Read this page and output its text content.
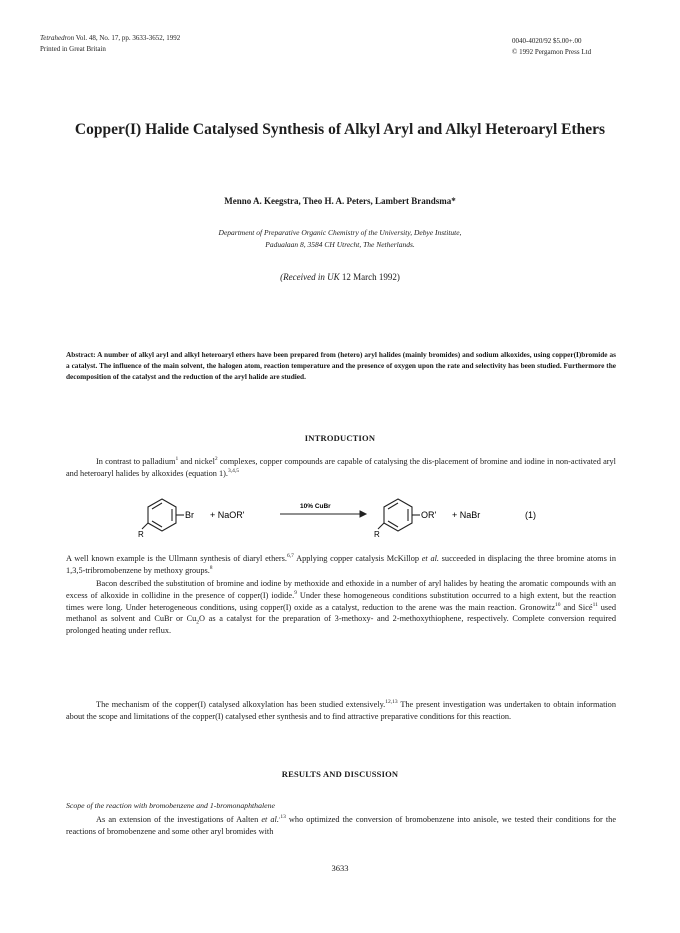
Tetrahedron Vol. 48, No. 17, pp. 3633-3652, 1992
Printed in Great Britain
0040-4020/92 $5.00+.00
© 1992 Pergamon Press Ltd
Copper(I) Halide Catalysed Synthesis of Alkyl Aryl and Alkyl Heteroaryl Ethers
Menno A. Keegstra, Theo H. A. Peters, Lambert Brandsma*
Department of Preparative Organic Chemistry of the University, Debye Institute,
Padualaan 8, 3584 CH Utrecht, The Netherlands.
(Received in UK 12 March 1992)
Abstract: A number of alkyl aryl and alkyl heteroaryl ethers have been prepared from (hetero) aryl halides (mainly bromides) and sodium alkoxides, using copper(I)bromide as a catalyst. The influence of the main solvent, the halogen atom, reaction temperature and the presence of oxygen upon the rate and selectivity has been studied. Furthermore the decomposition of the catalyst and the reduction of the aryl halide are studied.
INTRODUCTION
In contrast to palladium$^1$ and nickel$^2$ complexes, copper compounds are capable of catalysing the dis-placement of bromine and iodine in non-activated aryl and heteroaryl halides by alkoxides (equation 1).$^{3,4,5}$
R
Br + NaOR'
10% CuBr
R
OR' + NaBr	(1)
A well known example is the Ullmann synthesis of diaryl ethers.$^{6,7}$ Applying copper catalysis McKillop et al. succeeded in displacing the three bromine atoms in 1,3,5-tribromobenzene by methoxy groups.$^8$
Bacon described the substitution of bromine and iodine by methoxide and ethoxide in a number of aryl halides by heating the aromatic compounds with an excess of alkoxide in collidine in the presence of copper(I) iodide.$^9$ Under these homogeneous conditions substitution occurred to a high extent, but the reaction times were long. Under heterogeneous conditions, using copper(I) oxide as a catalyst, reduction to the arene was the main reaction. Gronowitz$^{10}$ and Sicé$^{11}$ used methanol as solvent and CuBr or $Cu_2O$ as a catalyst for the preparation of 3-methoxy- and 2-methoxythiophene, respectively. Complete conversion required prolonged heating under reflux.
The mechanism of the copper(I) catalysed alkoxylation has been studied extensively.$^{12,13}$ The present investigation was undertaken to obtain information about the scope and limitations of the copper(I) catalysed ether synthesis and to find attractive preparative conditions for this reaction.
RESULTS AND DISCUSSION
Scope of the reaction with bromobenzene and 1-bromonaphthalene
As an extension of the investigations of Aalten et al.$^{,13}$ who optimized the conversion of bromobenzene into anisole, we tested their conditions for the reactions of bromobenzene and some other aryl bromides with
3633
